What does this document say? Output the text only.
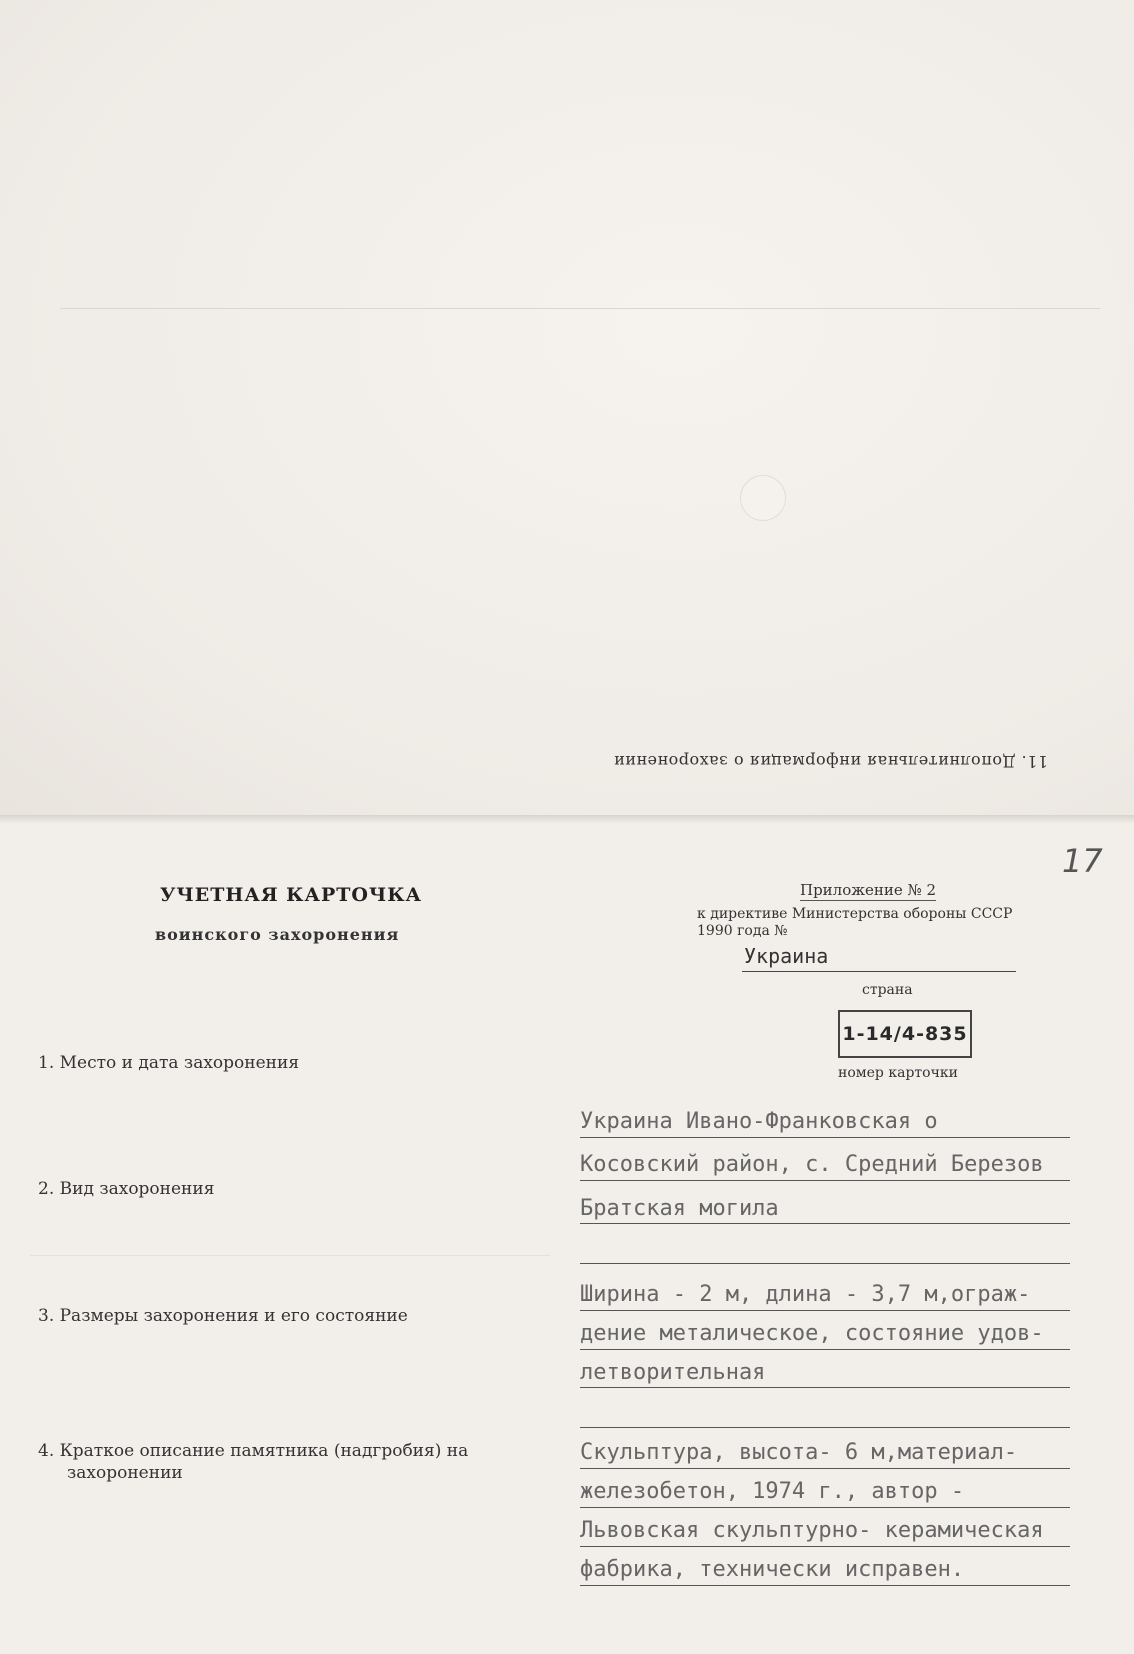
11. Дополнительная информация о захоронении
УЧЕТНАЯ КАРТОЧКА
воинского захоронения
Приложение № 2
к директиве Министерства обороны СССР
1990 года №
17
Украина
страна
1-14/4-835
номер карточки
1. Место и дата захоронения
Украина Ивано-Франковская о
Косовский район, с. Средний Березов
2. Вид захоронения
Братская могила
3. Размеры захоронения и его состояние
Ширина - 2 м, длина - 3,7 м,ограж-
дение металическое, состояние удов-
летворительная
4. Краткое описание памятника (надгробия) на
захоронении
Скульптура, высота- 6 м,материал-
железобетон, 1974 г., автор -
Львовская скульптурно- керамическая
фабрика, технически исправен.
